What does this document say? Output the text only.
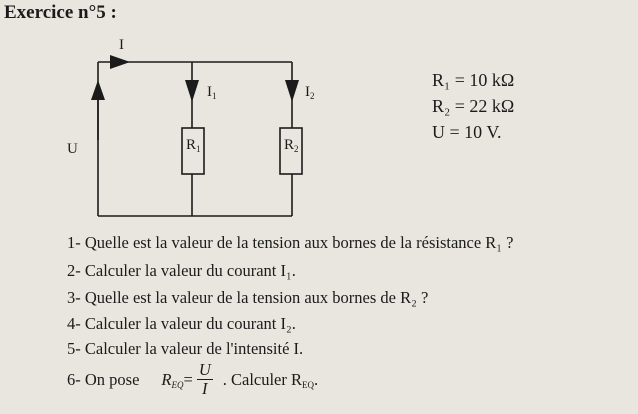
Exercice n°5 :
I
$I_1$	$I_2$
U	$R_1$	$R_2$
R₁ = 10 kΩ
R₂ = 22 kΩ
U = 10 V.
1- Quelle est la valeur de la tension aux bornes de la résistance R₁ ?
2- Calculer la valeur du courant I₁.
3- Quelle est la valeur de la tension aux bornes de R₂ ?
4- Calculer la valeur du courant I₂.
5- Calculer la valeur de l'intensité I.
6- On pose $R_{EQ} = \frac{U}{I}$ . Calculer $R_{EQ}$.
